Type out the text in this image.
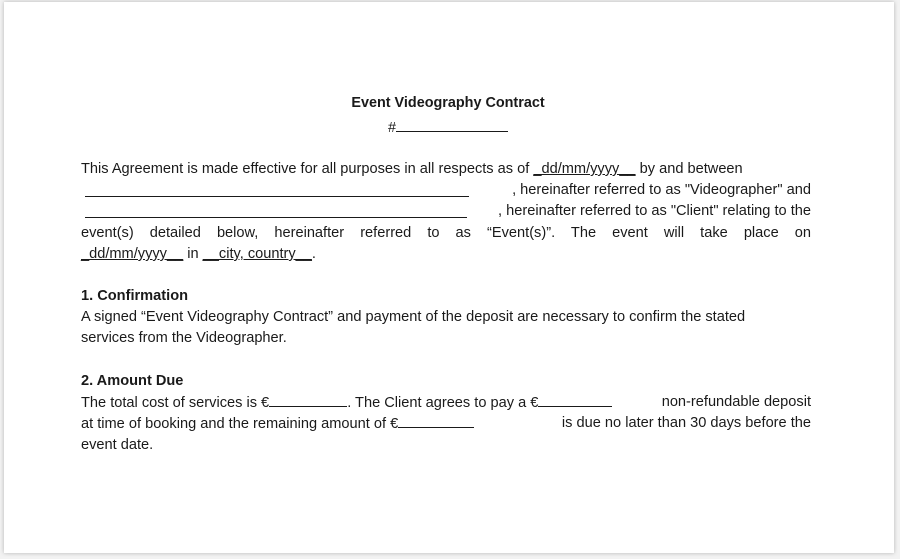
Event Videography Contract
#
This Agreement is made effective for all purposes in all respects as of _dd/mm/yyyy__ by and between
, hereinafter referred to as "Videographer" and
, hereinafter referred to as "Client" relating to the
event(s) detailed below, hereinafter referred to as “Event(s)”. The event will take place on
_dd/mm/yyyy__ in __city, country__.
1. Confirmation
A signed “Event Videography Contract” and payment of the deposit are necessary to confirm the stated
services from the Videographer.
2. Amount Due
The total cost of services is €	. The Client agrees to pay a €	non-refundable deposit
at time of booking and the remaining amount of €	is due no later than 30 days before the
event date.
